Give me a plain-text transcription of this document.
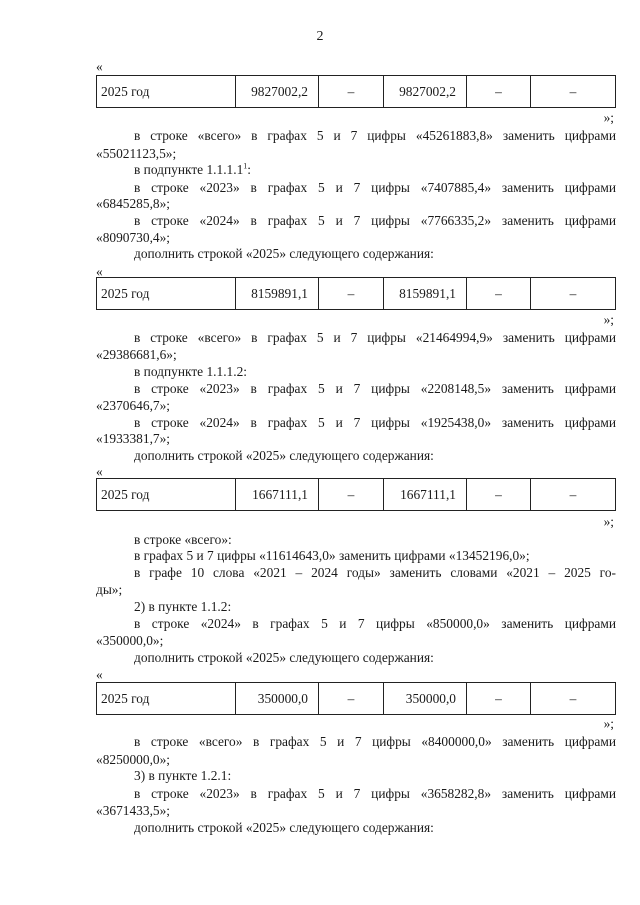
2
«
2025 год	9827002,2	–	9827002,2	–	–
»;
в строке «всего» в графах 5 и 7 цифры «45261883,8» заменить цифрами
«55021123,5»;
в подпункте 1.1.1.1$^1$:
в строке «2023» в графах 5 и 7 цифры «7407885,4» заменить цифрами
«6845285,8»;
в строке «2024» в графах 5 и 7 цифры «7766335,2» заменить цифрами
«8090730,4»;
дополнить строкой «2025» следующего содержания:
«
2025 год	8159891,1	–	8159891,1	–	–
»;
в строке «всего» в графах 5 и 7 цифры «21464994,9» заменить цифрами
«29386681,6»;
в подпункте 1.1.1.2:
в строке «2023» в графах 5 и 7 цифры «2208148,5» заменить цифрами
«2370646,7»;
в строке «2024» в графах 5 и 7 цифры «1925438,0» заменить цифрами
«1933381,7»;
дополнить строкой «2025» следующего содержания:
«
2025 год	1667111,1	–	1667111,1	–	–
»;
в строке «всего»:
в графах 5 и 7 цифры «11614643,0» заменить цифрами «13452196,0»;
в графе 10 слова «2021 – 2024 годы» заменить словами «2021 – 2025 го-
ды»;
2) в пункте 1.1.2:
в строке «2024» в графах 5 и 7 цифры «850000,0» заменить цифрами
«350000,0»;
дополнить строкой «2025» следующего содержания:
«
2025 год	350000,0	–	350000,0	–	–
»;
в строке «всего» в графах 5 и 7 цифры «8400000,0» заменить цифрами
«8250000,0»;
3) в пункте 1.2.1:
в строке «2023» в графах 5 и 7 цифры «3658282,8» заменить цифрами
«3671433,5»;
дополнить строкой «2025» следующего содержания:
